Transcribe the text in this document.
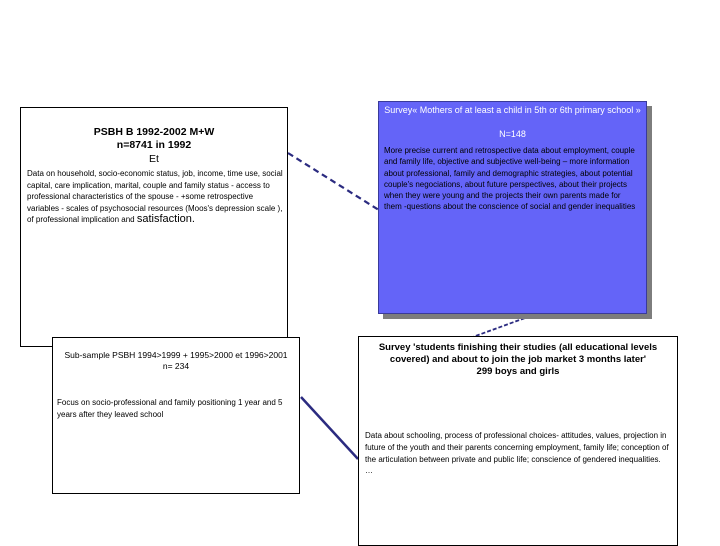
PSBH B 1992-2002 M+W
n=8741 in 1992
Et
Data on household, socio-economic status, job, income, time use, social capital, care implication, marital, couple and family status - access to professional characteristics of the spouse - +some retrospective variables - scales of psychosocial resources (Moos's depression scale ), of professional implication and satisfaction.
Survey« Mothers of at least a child in 5th or 6th primary school »
N=148
More precise current and retrospective data about employment, couple and family life, objective and subjective well-being – more information about professional, family and demographic strategies, about potential couple's negociations, about future perspectives, about their projects when they were young and the projects their own parents made for them -questions about the conscience of social and gender inequalities
Sub-sample PSBH 1994>1999 + 1995>2000 et 1996>2001
n= 234
Focus on socio-professional and family positioning 1 year and 5 years after they leaved school
Survey 'students finishing their studies (all educational levels covered) and about to join the job market 3 months later'
299 boys and girls
Data about schooling, process of professional choices- attitudes, values, projection in future of the youth and their parents concerning employment, family life; conception of the articulation between private and public life; conscience of gendered inequalities. …
